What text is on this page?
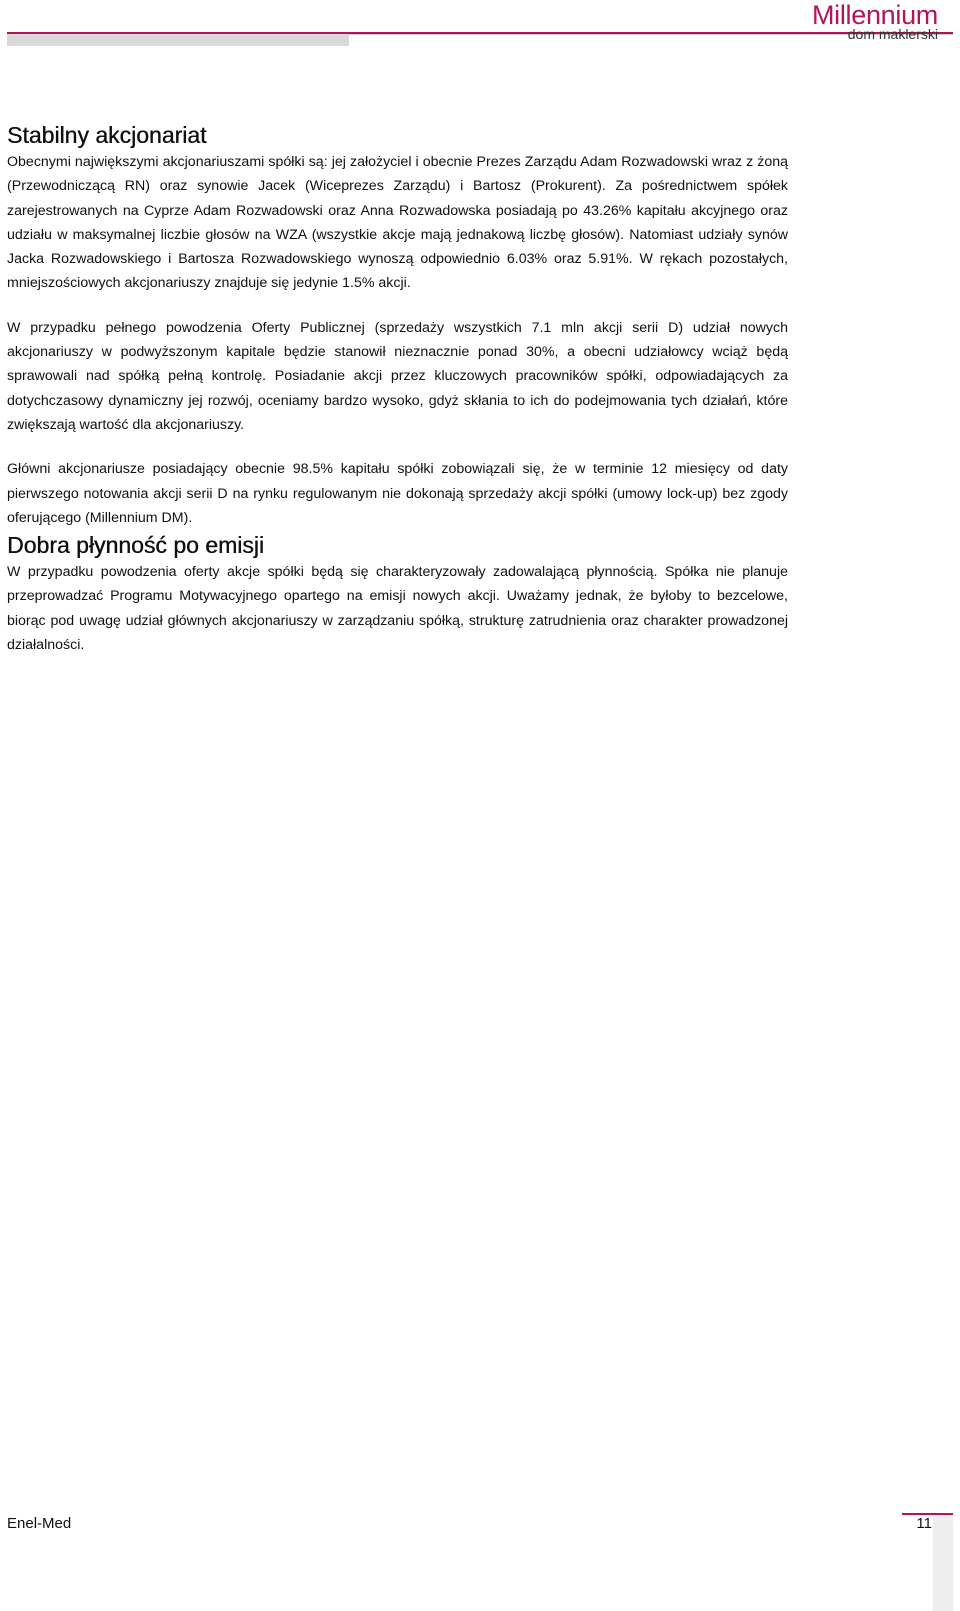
Millennium
dom maklerski
Stabilny akcjonariat

Obecnymi największymi akcjonariuszami spółki są: jej założyciel i obecnie Prezes Zarządu Adam Rozwadowski wraz z żoną (Przewodniczącą RN) oraz synowie Jacek (Wiceprezes Zarządu) i Bartosz (Prokurent). Za pośrednictwem spółek zarejestrowanych na Cyprze Adam Rozwadowski oraz Anna Rozwadowska posiadają po 43.26% kapitału akcyjnego oraz udziału w maksymalnej liczbie głosów na WZA (wszystkie akcje mają jednakową liczbę głosów). Natomiast udziały synów Jacka Rozwadowskiego i Bartosza Rozwadowskiego wynoszą odpowiednio 6.03% oraz 5.91%. W rękach pozostałych, mniejszościowych akcjonariuszy znajduje się jedynie 1.5% akcji.

W przypadku pełnego powodzenia Oferty Publicznej (sprzedaży wszystkich 7.1 mln akcji serii D) udział nowych akcjonariuszy w podwyższonym kapitale będzie stanowił nieznacznie ponad 30%, a obecni udziałowcy wciąż będą sprawowali nad spółką pełną kontrolę. Posiadanie akcji przez kluczowych pracowników spółki, odpowiadających za dotychczasowy dynamiczny jej rozwój, oceniamy bardzo wysoko, gdyż skłania to ich do podejmowania tych działań, które zwiększają wartość dla akcjonariuszy.

Główni akcjonariusze posiadający obecnie 98.5% kapitału spółki zobowiązali się, że w terminie 12 miesięcy od daty pierwszego notowania akcji serii D na rynku regulowanym nie dokonają sprzedaży akcji spółki (umowy lock-up) bez zgody oferującego (Millennium DM).

Dobra płynność po emisji

W przypadku powodzenia oferty akcje spółki będą się charakteryzowały zadowalającą płynnością. Spółka nie planuje przeprowadzać Programu Motywacyjnego opartego na emisji nowych akcji. Uważamy jednak, że byłoby to bezcelowe, biorąc pod uwagę udział głównych akcjonariuszy w zarządzaniu spółką, strukturę zatrudnienia oraz charakter prowadzonej działalności.

Enel-Med	11
